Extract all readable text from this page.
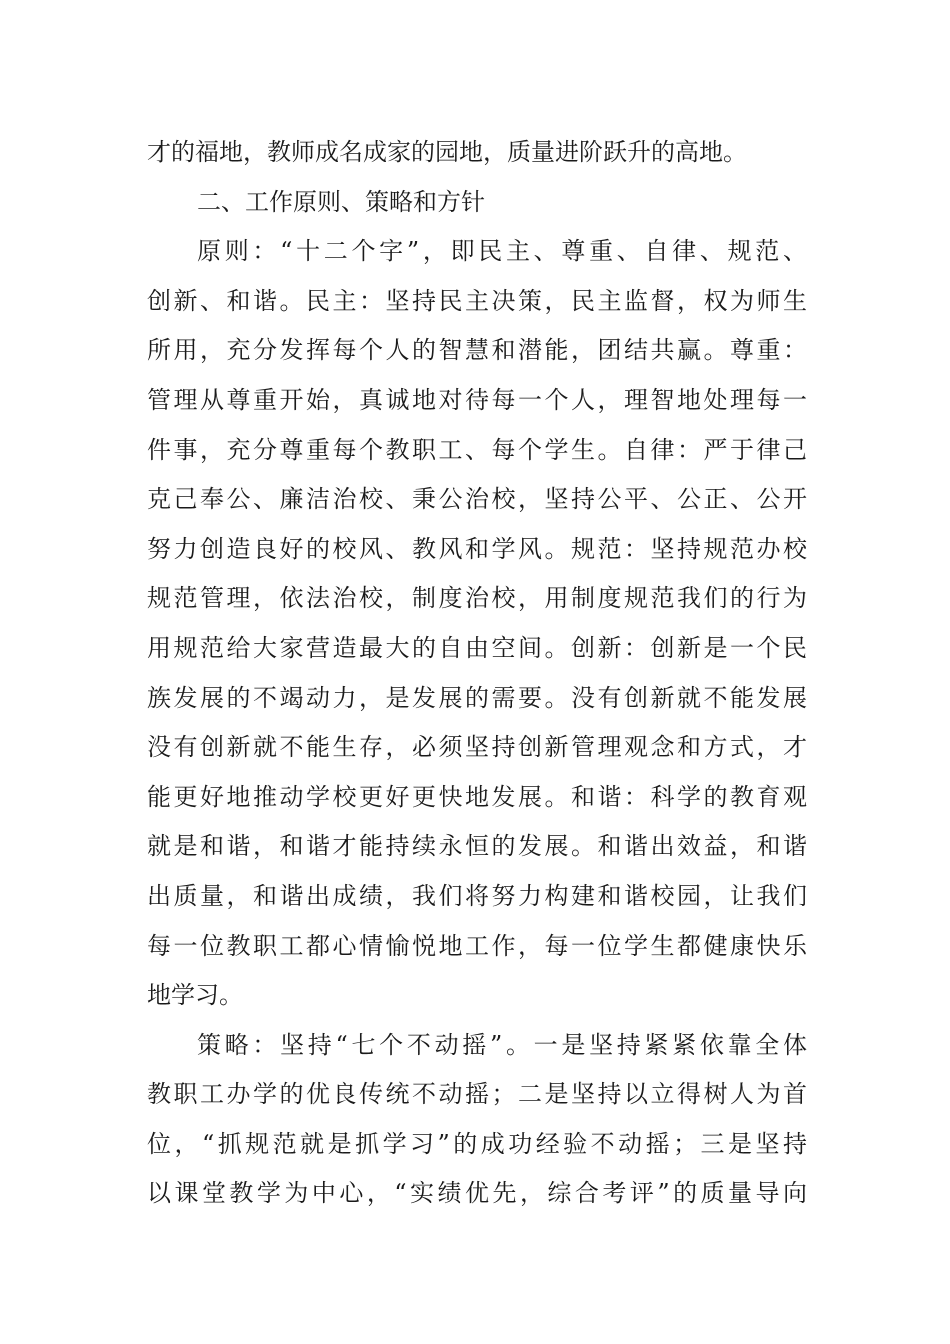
才的福地，教师成名成家的园地，质量进阶跃升的高地。
二、工作原则、策略和方针
原则：“十二个字”，即民主、尊重、自律、规范、
创新、和谐。民主：坚持民主决策，民主监督，权为师生
所用，充分发挥每个人的智慧和潜能，团结共赢。尊重：
管理从尊重开始，真诚地对待每一个人，理智地处理每一
件事，充分尊重每个教职工、每个学生。自律：严于律己
克己奉公、廉洁治校、秉公治校，坚持公平、公正、公开
努力创造良好的校风、教风和学风。规范：坚持规范办校
规范管理，依法治校，制度治校，用制度规范我们的行为
用规范给大家营造最大的自由空间。创新：创新是一个民
族发展的不竭动力，是发展的需要。没有创新就不能发展
没有创新就不能生存，必须坚持创新管理观念和方式，才
能更好地推动学校更好更快地发展。和谐：科学的教育观
就是和谐，和谐才能持续永恒的发展。和谐出效益，和谐
出质量，和谐出成绩，我们将努力构建和谐校园，让我们
每一位教职工都心情愉悦地工作，每一位学生都健康快乐
地学习。
策略：坚持“七个不动摇”。一是坚持紧紧依靠全体
教职工办学的优良传统不动摇；二是坚持以立得树人为首
位，“抓规范就是抓学习”的成功经验不动摇；三是坚持
以课堂教学为中心，“实绩优先，综合考评”的质量导向
